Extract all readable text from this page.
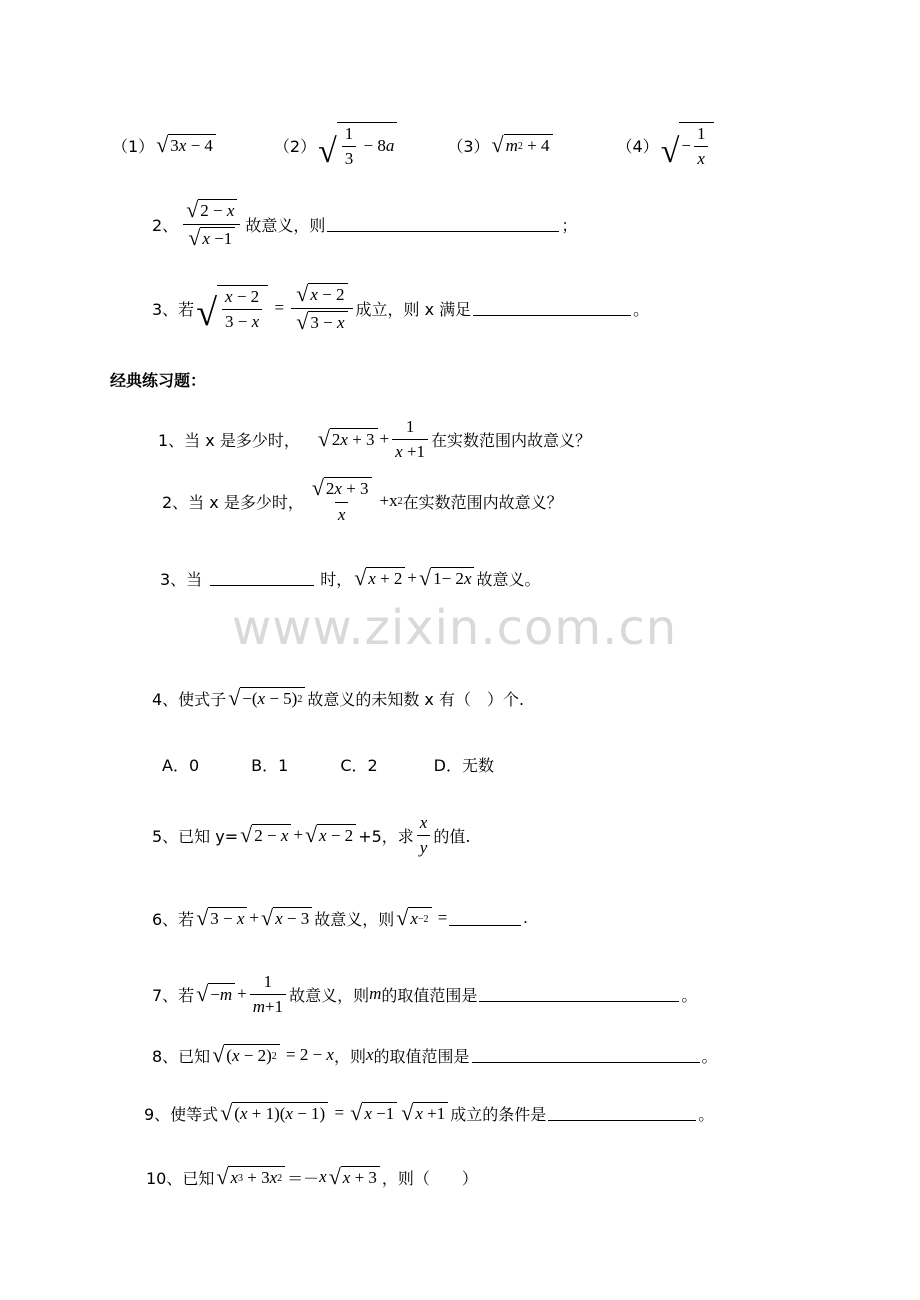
（1） √ 3 x − 4	（2） √ $\frac{1}{3} - 8$ a	（3） √ m 2 + 4	（4） √ − $\frac{1}{x}$
2、 $\frac{√ 2 - x}{√ x -1}$ 故意义，则	；
3、若 √ $\frac{x - 2}{3 - x} = \frac{√ x - 2}{√ 3 - x}$ 成立，则 x 满足	。
经典练习题：
1、当 x 是多少时， √ 2 $x + 3 + \frac{1}{x +1}$ 在实数范围内故意义？
2、当 x 是多少时， $\frac{√ 2 x + 3}{x} +x$ 2 在实数范围内故意义？
3、当	时， √ x + 2 + √ 1− 2 x 故意义。
www.zixin.com.cn
4、使式子 √ −( x − 5) 2 故意义的未知数 x 有（　）个.
A．0	B．1	C．2	D．无数
5、已知 y= √ 2 − x + √ x − 2 +5，求 $\frac{x}{y}$ 的值.
6、若 √ 3 − x + √ x − 3 故意义，则 √ x −2 =	.
7、若 √ − $m + \frac{1}{m+1}$ 故意义，则 m 的取值范围是	。
8、已知 √ ( x − 2) 2 = 2 − x ，则 x 的取值范围是	。
9、使等式 √ ( x + 1)( x − 1) = √ x −1 √ x +1 成立的条件是	。
10、已知 √ x 3 + 3 x 2 ＝－ x √ x + 3 ，则（　　）
